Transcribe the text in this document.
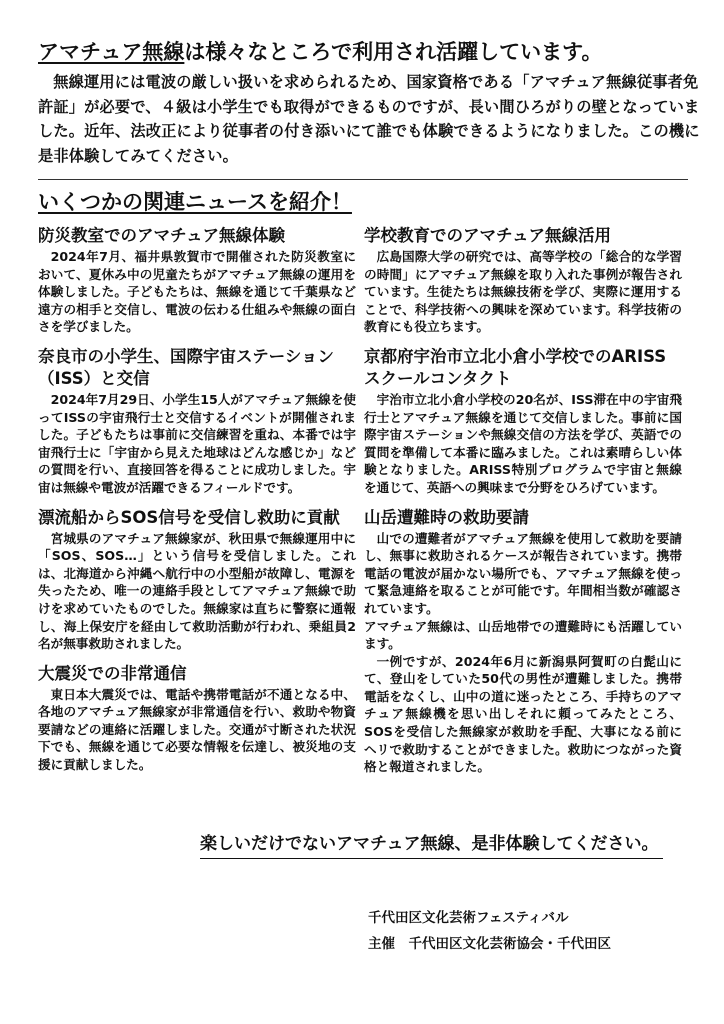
アマチュア無線は様々なところで利用され活躍しています。
無線運用には電波の厳しい扱いを求められるため、国家資格である「アマチュア無線従事者免許証」が必要で、４級は小学生でも取得ができるものですが、長い間ひろがりの壁となっていました。近年、法改正により従事者の付き添いにて誰でも体験できるようになりました。この機に是非体験してみてください。
いくつかの関連ニュースを紹介！
防災教室でのアマチュア無線体験

2024年7月、福井県敦賀市で開催された防災教室において、夏休み中の児童たちがアマチュア無線の運用を体験しました。子どもたちは、無線を通じて千葉県など遠方の相手と交信し、電波の伝わる仕組みや無線の面白さを学びました。

奈良市の小学生、国際宇宙ステーション（ISS）と交信

2024年7月29日、小学生15人がアマチュア無線を使ってISSの宇宙飛行士と交信するイベントが開催されました。子どもたちは事前に交信練習を重ね、本番では宇宙飛行士に「宇宙から見えた地球はどんな感じか」などの質問を行い、直接回答を得ることに成功しました。宇宙は無線や電波が活躍できるフィールドです。

漂流船からSOS信号を受信し救助に貢献

宮城県のアマチュア無線家が、秋田県で無線運用中に「SOS、SOS…」という信号を受信しました。これは、北海道から沖縄へ航行中の小型船が故障し、電源を失ったため、唯一の連絡手段としてアマチュア無線で助けを求めていたものでした。無線家は直ちに警察に通報し、海上保安庁を経由して救助活動が行われ、乗組員2名が無事救助されました。

大震災での非常通信

東日本大震災では、電話や携帯電話が不通となる中、各地のアマチュア無線家が非常通信を行い、救助や物資要請などの連絡に活躍しました。交通が寸断された状況下でも、無線を通じて必要な情報を伝達し、被災地の支援に貢献しました。

学校教育でのアマチュア無線活用

広島国際大学の研究では、高等学校の「総合的な学習の時間」にアマチュア無線を取り入れた事例が報告されています。生徒たちは無線技術を学び、実際に運用することで、科学技術への興味を深めています。科学技術の教育にも役立ちます。

京都府宇治市立北小倉小学校でのARISSスクールコンタクト

宇治市立北小倉小学校の20名が、ISS滞在中の宇宙飛行士とアマチュア無線を通じて交信しました。事前に国際宇宙ステーションや無線交信の方法を学び、英語での質問を準備して本番に臨みました。これは素晴らしい体験となりました。ARISS特別プログラムで宇宙と無線を通じて、英語への興味まで分野をひろげています。

山岳遭難時の救助要請

山での遭難者がアマチュア無線を使用して救助を要請し、無事に救助されるケースが報告されています。携帯電話の電波が届かない場所でも、アマチュア無線を使って緊急連絡を取ることが可能です。年間相当数が確認されています。

アマチュア無線は、山岳地帯での遭難時にも活躍しています。

一例ですが、2024年6月に新潟県阿賀町の白髭山にて、登山をしていた50代の男性が遭難しました。携帯電話をなくし、山中の道に迷ったところ、手持ちのアマチュア無線機を思い出しそれに頼ってみたところ、SOSを受信した無線家が救助を手配、大事になる前にヘリで救助することができました。救助につながった資格と報道されました。

楽しいだけでないアマチュア無線、是非体験してください。
千代田区文化芸術フェスティバル
主催　千代田区文化芸術協会・千代田区
